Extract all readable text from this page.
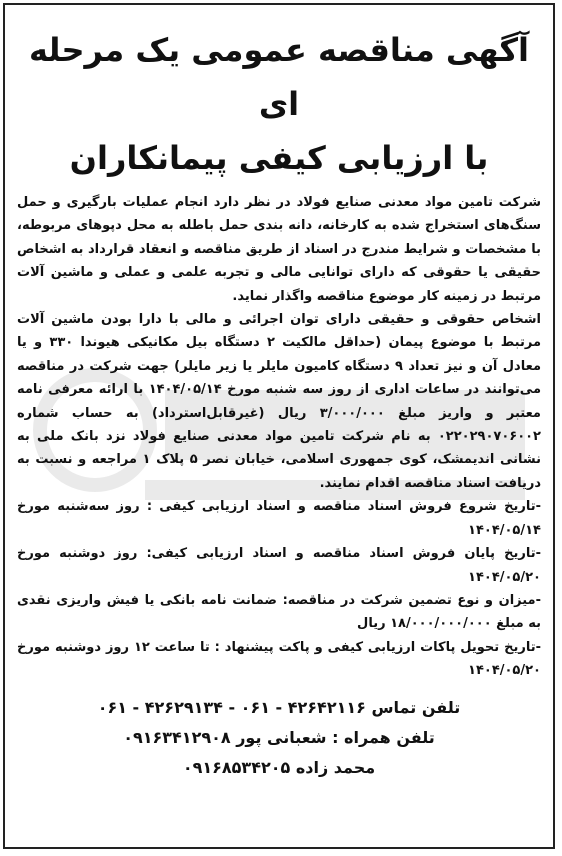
آگهی مناقصه عمومی یک مرحله ای
با ارزیابی کیفی پیمانکاران

شرکت تامین مواد معدنی صنایع فولاد در نظر دارد انجام عملیات بارگیری و حمل سنگ‌های استخراج شده به کارخانه، دانه بندی حمل باطله به محل دپوهای مربوطه، با مشخصات و شرایط مندرج در اسناد از طریق مناقصه و انعقاد قرارداد به اشخاص حقیقی یا حقوقی که دارای توانایی مالی و تجربه علمی و عملی و ماشین آلات مرتبط در زمینه کار موضوع مناقصه واگذار نماید.

اشخاص حقوقی و حقیقی دارای توان اجرائی و مالی با دارا بودن ماشین آلات مرتبط با موضوع پیمان (حداقل مالکیت ۲ دستگاه بیل مکانیکی هیوندا ۳۳۰ و یا معادل آن و نیز تعداد ۹ دستگاه کامیون مایلر یا زیر مایلر) جهت شرکت در مناقصه می‌توانند در ساعات اداری از روز سه شنبه مورخ ۱۴۰۴/۰۵/۱۴ با ارائه معرفی نامه معتبر و واریز مبلغ ۳/۰۰۰/۰۰۰ ریال (غیرقابل‌استرداد) به حساب شماره ۰۲۲۰۲۹۰۷۰۶۰۰۲ به نام شرکت تامین مواد معدنی صنایع فولاد نزد بانک ملی به نشانی اندیمشک، کوی جمهوری اسلامی، خیابان نصر ۵ پلاک ۱ مراجعه و نسبت به دریافت اسناد مناقصه اقدام نمایند.

-تاریخ شروع فروش اسناد مناقصه و اسناد ارزیابی کیفی : روز سه‌شنبه مورخ ۱۴۰۴/۰۵/۱۴

-تاریخ پایان فروش اسناد مناقصه و اسناد ارزیابی کیفی: روز دوشنبه مورخ ۱۴۰۴/۰۵/۲۰

-میزان و نوع تضمین شرکت در مناقصه: ضمانت نامه بانکی یا فیش واریزی نقدی به مبلغ ۱۸/۰۰۰/۰۰۰/۰۰۰ ریال

-تاریخ تحویل پاکات ارزیابی کیفی و پاکت پیشنهاد : تا ساعت ۱۲ روز دوشنبه مورخ ۱۴۰۴/۰۵/۲۰

تلفن تماس ۴۲۶۴۲۱۱۶ - ۰۶۱ - ۴۲۶۲۹۱۳۴ - ۰۶۱
تلفن همراه : شعبانی پور ۰۹۱۶۳۴۱۲۹۰۸
محمد زاده ۰۹۱۶۸۵۳۴۲۰۵
